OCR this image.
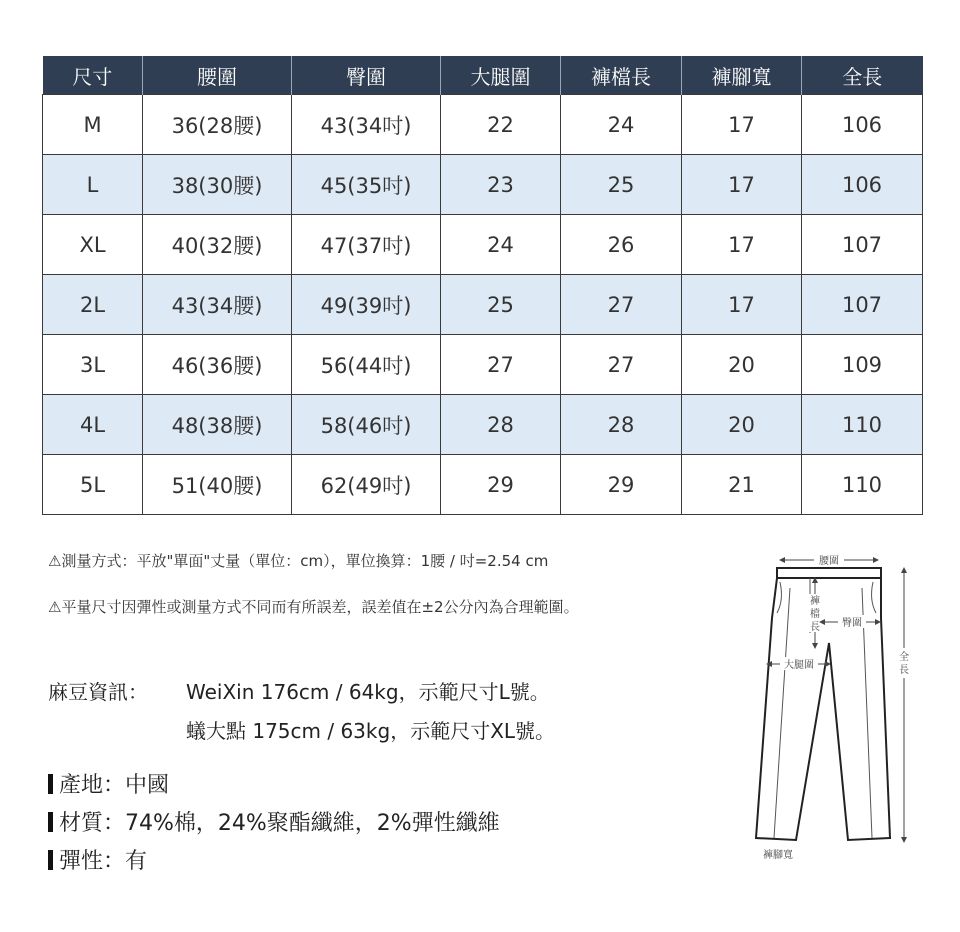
尺寸	腰圍	臀圍	大腿圍	褲檔長	褲腳寬	全長
M	36(28腰)	43(34吋)	22	24	17	106
L	38(30腰)	45(35吋)	23	25	17	106
XL	40(32腰)	47(37吋)	24	26	17	107
2L	43(34腰)	49(39吋)	25	27	17	107
3L	46(36腰)	56(44吋)	27	27	20	109
4L	48(38腰)	58(46吋)	28	28	20	110
5L	51(40腰)	62(49吋)	29	29	21	110
⚠測量方式：平放"單面"丈量（單位：cm），單位換算：1腰 / 吋=2.54 cm
⚠平量尺寸因彈性或測量方式不同而有所誤差，誤差值在±2公分內為合理範圍。
麻豆資訊： WeiXin 176cm / 64kg，示範尺寸L號。
蟻大點 175cm / 63kg，示範尺寸XL號。
產地：中國
材質：74%棉，24%聚酯纖維，2%彈性纖維
彈性：有
腰圍
褲
檔
長 臀圍
大腿圍
全
長
褲腳寬
